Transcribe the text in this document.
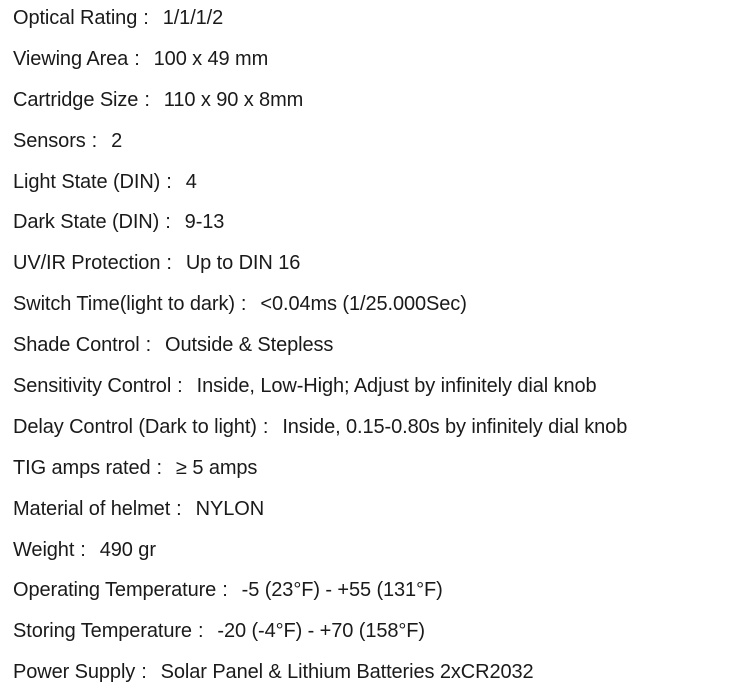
Optical Rating : 1/1/1/2
Viewing Area : 100 x 49 mm
Cartridge Size : 110 x 90 x 8mm
Sensors : 2
Light State (DIN) : 4
Dark State (DIN) : 9-13
UV/IR Protection : Up to DIN 16
Switch Time(light to dark) : <0.04ms (1/25.000Sec)
Shade Control : Outside & Stepless
Sensitivity Control : Inside, Low-High; Adjust by infinitely dial knob
Delay Control (Dark to light) : Inside, 0.15-0.80s by infinitely dial knob
TIG amps rated : ≥ 5 amps
Material of helmet : NYLON
Weight : 490 gr
Operating Temperature : -5 (23°F) - +55 (131°F)
Storing Temperature : -20 (-4°F) - +70 (158°F)
Power Supply : Solar Panel & Lithium Batteries 2xCR2032
